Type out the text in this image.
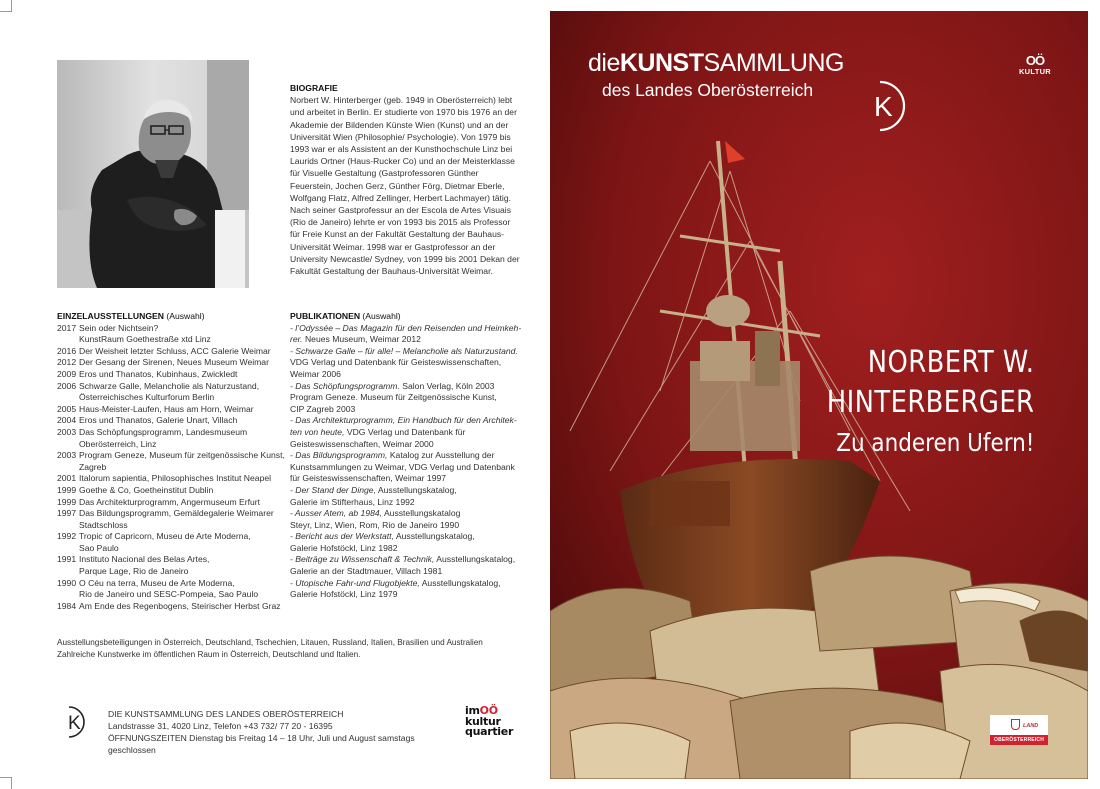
BIOGRAFIE
Norbert W. Hinterberger (geb. 1949 in Oberösterreich) lebt und arbeitet in Berlin. Er studierte von 1970 bis 1976 an der Akademie der Bildenden Künste Wien (Kunst) und an der Universität Wien (Philosophie/ Psychologie). Von 1979 bis 1993 war er als Assistent an der Kunsthochschule Linz bei Laurids Ortner (Haus-Rucker Co) und an der Meisterklasse für Visuelle Gestaltung (Gastprofessoren Günther Feuerstein, Jochen Gerz, Günther Förg, Dietmar Eberle, Wolfgang Flatz, Alfred Zellinger, Herbert Lachmayer) tätig. Nach seiner Gastprofessur an der Escola de Artes Visuais (Rio de Janeiro) lehrte er von 1993 bis 2015 als Professor für Freie Kunst an der Fakultät Gestaltung der Bauhaus-Universität Weimar. 1998 war er Gastprofessor an der University Newcastle/ Sydney, von 1999 bis 2001 Dekan der Fakultät Gestaltung der Bauhaus-Universität Weimar.
EINZELAUSSTELLUNGEN (Auswahl)
2017 Sein oder Nichtsein?
KunstRaum Goethestraße xtd Linz
2016 Der Weisheit letzter Schluss, ACC Galerie Weimar
2012 Der Gesang der Sirenen, Neues Museum Weimar
2009 Eros und Thanatos, Kubinhaus, Zwickledt
2006 Schwarze Galle, Melancholie als Naturzustand,
Österreichisches Kulturforum Berlin
2005 Haus-Meister-Laufen, Haus am Horn, Weimar
2004 Eros und Thanatos, Galerie Unart, Villach
2003 Das Schöpfungsprogramm, Landesmuseum
Oberösterreich, Linz
2003 Program Geneze, Museum für zeitgenössische Kunst,
Zagreb
2001 Italorum sapientia, Philosophisches Institut Neapel
1999 Goethe & Co, Goetheinstitut Dublin
1999 Das Architekturprogramm, Angermuseum Erfurt
1997 Das Bildungsprogramm, Gemäldegalerie Weimarer
Stadtschloss
1992 Tropic of Capricorn, Museu de Arte Moderna,
Sao Paulo
1991 Instituto Nacional des Belas Artes,
Parque Lage, Rio de Janeiro
1990 O Céu na terra, Museu de Arte Moderna,
Rio de Janeiro und SESC-Pompeia, Sao Paulo
1984 Am Ende des Regenbogens, Steirischer Herbst Graz
PUBLIKATIONEN (Auswahl)
- l’Odyssée – Das Magazin für den Reisenden und Heimkeh-
rer. Neues Museum, Weimar 2012
- Schwarze Galle – für alle! – Melancholie als Naturzustand.
VDG Verlag und Datenbank für Geisteswissenschaften,
Weimar 2006
- Das Schöpfungsprogramm. Salon Verlag, Köln 2003
Program Geneze. Museum für Zeitgenössische Kunst,
CIP Zagreb 2003
- Das Architekturprogramm, Ein Handbuch für den Architek-
ten von heute, VDG Verlag und Datenbank für
Geisteswissenschaften, Weimar 2000
- Das Bildungsprogramm, Katalog zur Ausstellung der
Kunstsammlungen zu Weimar, VDG Verlag und Datenbank
für Geisteswissenschaften, Weimar 1997
- Der Stand der Dinge, Ausstellungskatalog,
Galerie im Stifterhaus, Linz 1992
- Ausser Atem, ab 1984, Ausstellungskatalog
Steyr, Linz, Wien, Rom, Rio de Janeiro 1990
- Bericht aus der Werkstatt, Ausstellungskatalog,
Galerie Hofstöckl, Linz 1982
- Beiträge zu Wissenschaft & Technik, Ausstellungskatalog,
Galerie an der Stadtmauer, Villach 1981
- Utopische Fahr-und Flugobjekte, Ausstellungskatalog,
Galerie Hofstöckl, Linz 1979
Ausstellungsbeteiligungen in Österreich, Deutschland, Tschechien, Litauen, Russland, Italien, Brasilien und Australien
Zahlreiche Kunstwerke im öffentlichen Raum in Österreich, Deutschland und Italien.
K	DIE KUNSTSAMMLUNG DES LANDES OBERÖSTERREICH
Landstrasse 31, 4020 Linz, Telefon +43 732/ 77 20 - 16395
ÖFFNUNGSZEITEN Dienstag bis Freitag 14 – 18 Uhr, Juli und August samstags geschlossen
imOÖ
kultur
quartier
dieKUNSTSAMMLUNG
des Landes Oberösterreich
K
OÖ
KULTUR
NORBERT W.
HINTERBERGER
Zu anderen Ufern!
LAND
OBERÖSTERREICH
